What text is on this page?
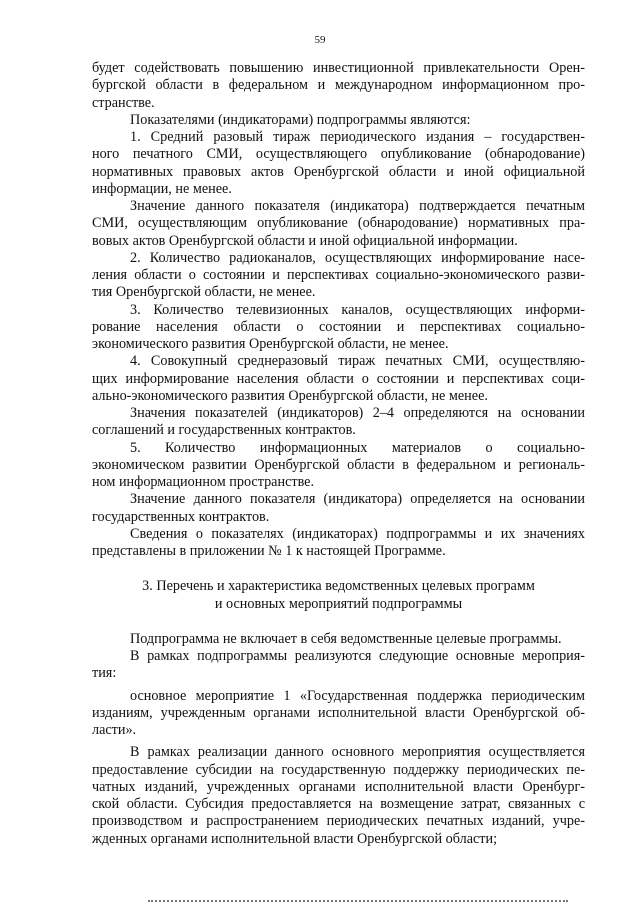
59
будет содействовать повышению инвестиционной привлекательности Орен-
бургской области в федеральном и международном информационном про-
странстве.
Показателями (индикаторами) подпрограммы являются:
1. Средний разовый тираж периодического издания – государствен-
ного печатного СМИ, осуществляющего опубликование (обнародование)
нормативных правовых актов Оренбургской области и иной официальной
информации, не менее.
Значение данного показателя (индикатора) подтверждается печатным
СМИ, осуществляющим опубликование (обнародование) нормативных пра-
вовых актов Оренбургской области и иной официальной информации.
2. Количество радиоканалов, осуществляющих информирование насе-
ления области о состоянии и перспективах социально-экономического разви-
тия Оренбургской области, не менее.
3. Количество телевизионных каналов, осуществляющих информи-
рование населения области о состоянии и перспективах социально-
экономического развития Оренбургской области, не менее.
4. Совокупный среднеразовый тираж печатных СМИ, осуществляю-
щих информирование населения области о состоянии и перспективах соци-
ально-экономического развития Оренбургской области, не менее.
Значения показателей (индикаторов) 2–4 определяются на основании
соглашений и государственных контрактов.
5. Количество информационных материалов о социально-
экономическом развитии Оренбургской области в федеральном и региональ-
ном информационном пространстве.
Значение данного показателя (индикатора) определяется на основании
государственных контрактов.
Сведения о показателях (индикаторах) подпрограммы и их значениях
представлены в приложении № 1 к настоящей Программе.
3. Перечень и характеристика ведомственных целевых программ
и основных мероприятий подпрограммы
Подпрограмма не включает в себя ведомственные целевые программы.
В рамках подпрограммы реализуются следующие основные мероприя-
тия:
основное мероприятие 1 «Государственная поддержка периодическим
изданиям, учрежденным органами исполнительной власти Оренбургской об-
ласти».
В рамках реализации данного основного мероприятия осуществляется
предоставление субсидии на государственную поддержку периодических пе-
чатных изданий, учрежденных органами исполнительной власти Оренбург-
ской области. Субсидия предоставляется на возмещение затрат, связанных с
производством и распространением периодических печатных изданий, учре-
жденных органами исполнительной власти Оренбургской области;
